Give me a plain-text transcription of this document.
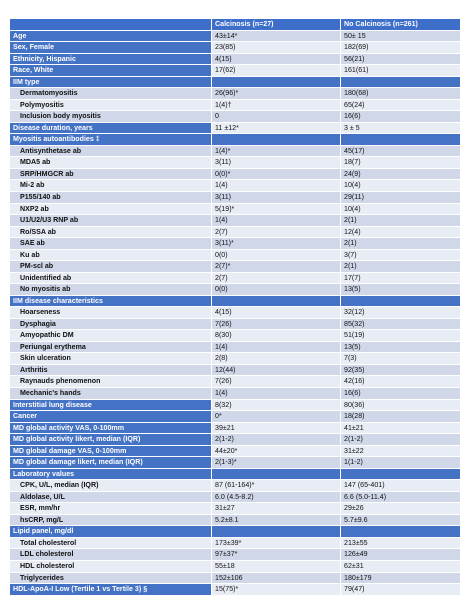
Calcinosis (n=27)	No Calcinosis (n=261)
Age	43±14*	50± 15
Sex, Female	23(85)	182(69)
Ethnicity, Hispanic	4(15)	56(21)
Race, White	17(62)	161(61)
IIM type
Dermatomyositis	26(96)*	180(68)
Polymyositis	1(4)†	65(24)
Inclusion body myositis	0	16(6)
Disease duration, years	11 ±12*	3 ± 5
Myositis autoantibodies ‡
Antisynthetase ab	1(4)*	45(17)
MDA5 ab	3(11)	18(7)
SRP/HMGCR ab	0(0)*	24(9)
Mi-2 ab	1(4)	10(4)
P155/140 ab	3(11)	29(11)
NXP2 ab	5(19)*	10(4)
U1/U2/U3 RNP ab	1(4)	2(1)
Ro/SSA ab	2(7)	12(4)
SAE ab	3(11)*	2(1)
Ku ab	0(0)	3(7)
PM-scl ab	2(7)*	2(1)
Unidentified ab	2(7)	17(7)
No myositis ab	0(0)	13(5)
IIM disease characteristics
Hoarseness	4(15)	32(12)
Dysphagia	7(26)	85(32)
Amyopathic DM	8(30)	51(19)
Periungal erythema	1(4)	13(5)
Skin ulceration	2(8)	7(3)
Arthritis	12(44)	92(35)
Raynauds phenomenon	7(26)	42(16)
Mechanic's hands	1(4)	16(6)
Interstitial lung disease	8(32)	80(36)
Cancer	0*	18(28)
MD global activity VAS, 0-100mm	39±21	41±21
MD global activity likert, median (IQR)	2(1-2)	2(1-2)
MD global damage VAS, 0-100mm	44±20*	31±22
MD global damage likert, median (IQR)	2(1-3)*	1(1-2)
Laboratory values
CPK, U/L, median (IQR)	87 (61-164)*	147 (65-401)
Aldolase, U/L	6.0 (4.5-8.2)	6.6 (5.0-11.4)
ESR, mm/hr	31±27	29±26
hsCRP, mg/L	5.2±8.1	5.7±9.6
Lipid panel, mg/dl
Total cholesterol	173±39*	213±55
LDL cholesterol	97±37*	126±49
HDL cholesterol	55±18	62±31
Triglycerides	152±106	180±179
HDL-ApoA-I Low (Tertile 1 vs Tertile 3) §	15(75)*	79(47)
